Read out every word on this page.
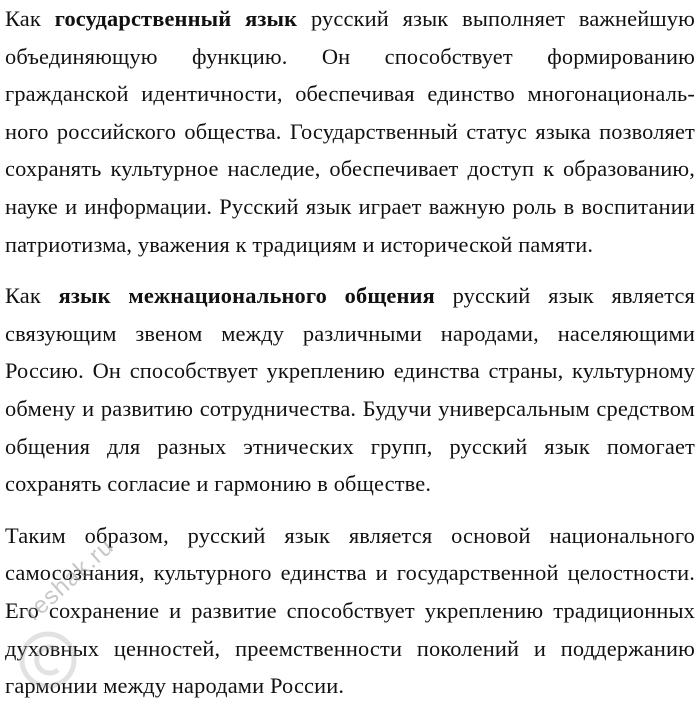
Как государственный язык русский язык выполняет важнейшую
объединяющую функцию. Он способствует формированию
гражданской идентичности, обеспечивая единство многонациональ-
ного российского общества. Государственный статус языка позволяет
сохранять культурное наследие, обеспечивает доступ к образованию,
науке и информации. Русский язык играет важную роль в воспитании
патриотизма, уважения к традициям и исторической памяти.

Как язык межнационального общения русский язык является
связующим звеном между различными народами, населяющими
Россию. Он способствует укреплению единства страны, культурному
обмену и развитию сотрудничества. Будучи универсальным средством
общения для разных этнических групп, русский язык помогает
сохранять согласие и гармонию в обществе.

Таким образом, русский язык является основой национального
самосознания, культурного единства и государственной целостности.
Его сохранение и развитие способствует укреплению традиционных
духовных ценностей, преемственности поколений и поддержанию
гармонии между народами России.

reshak.ru
